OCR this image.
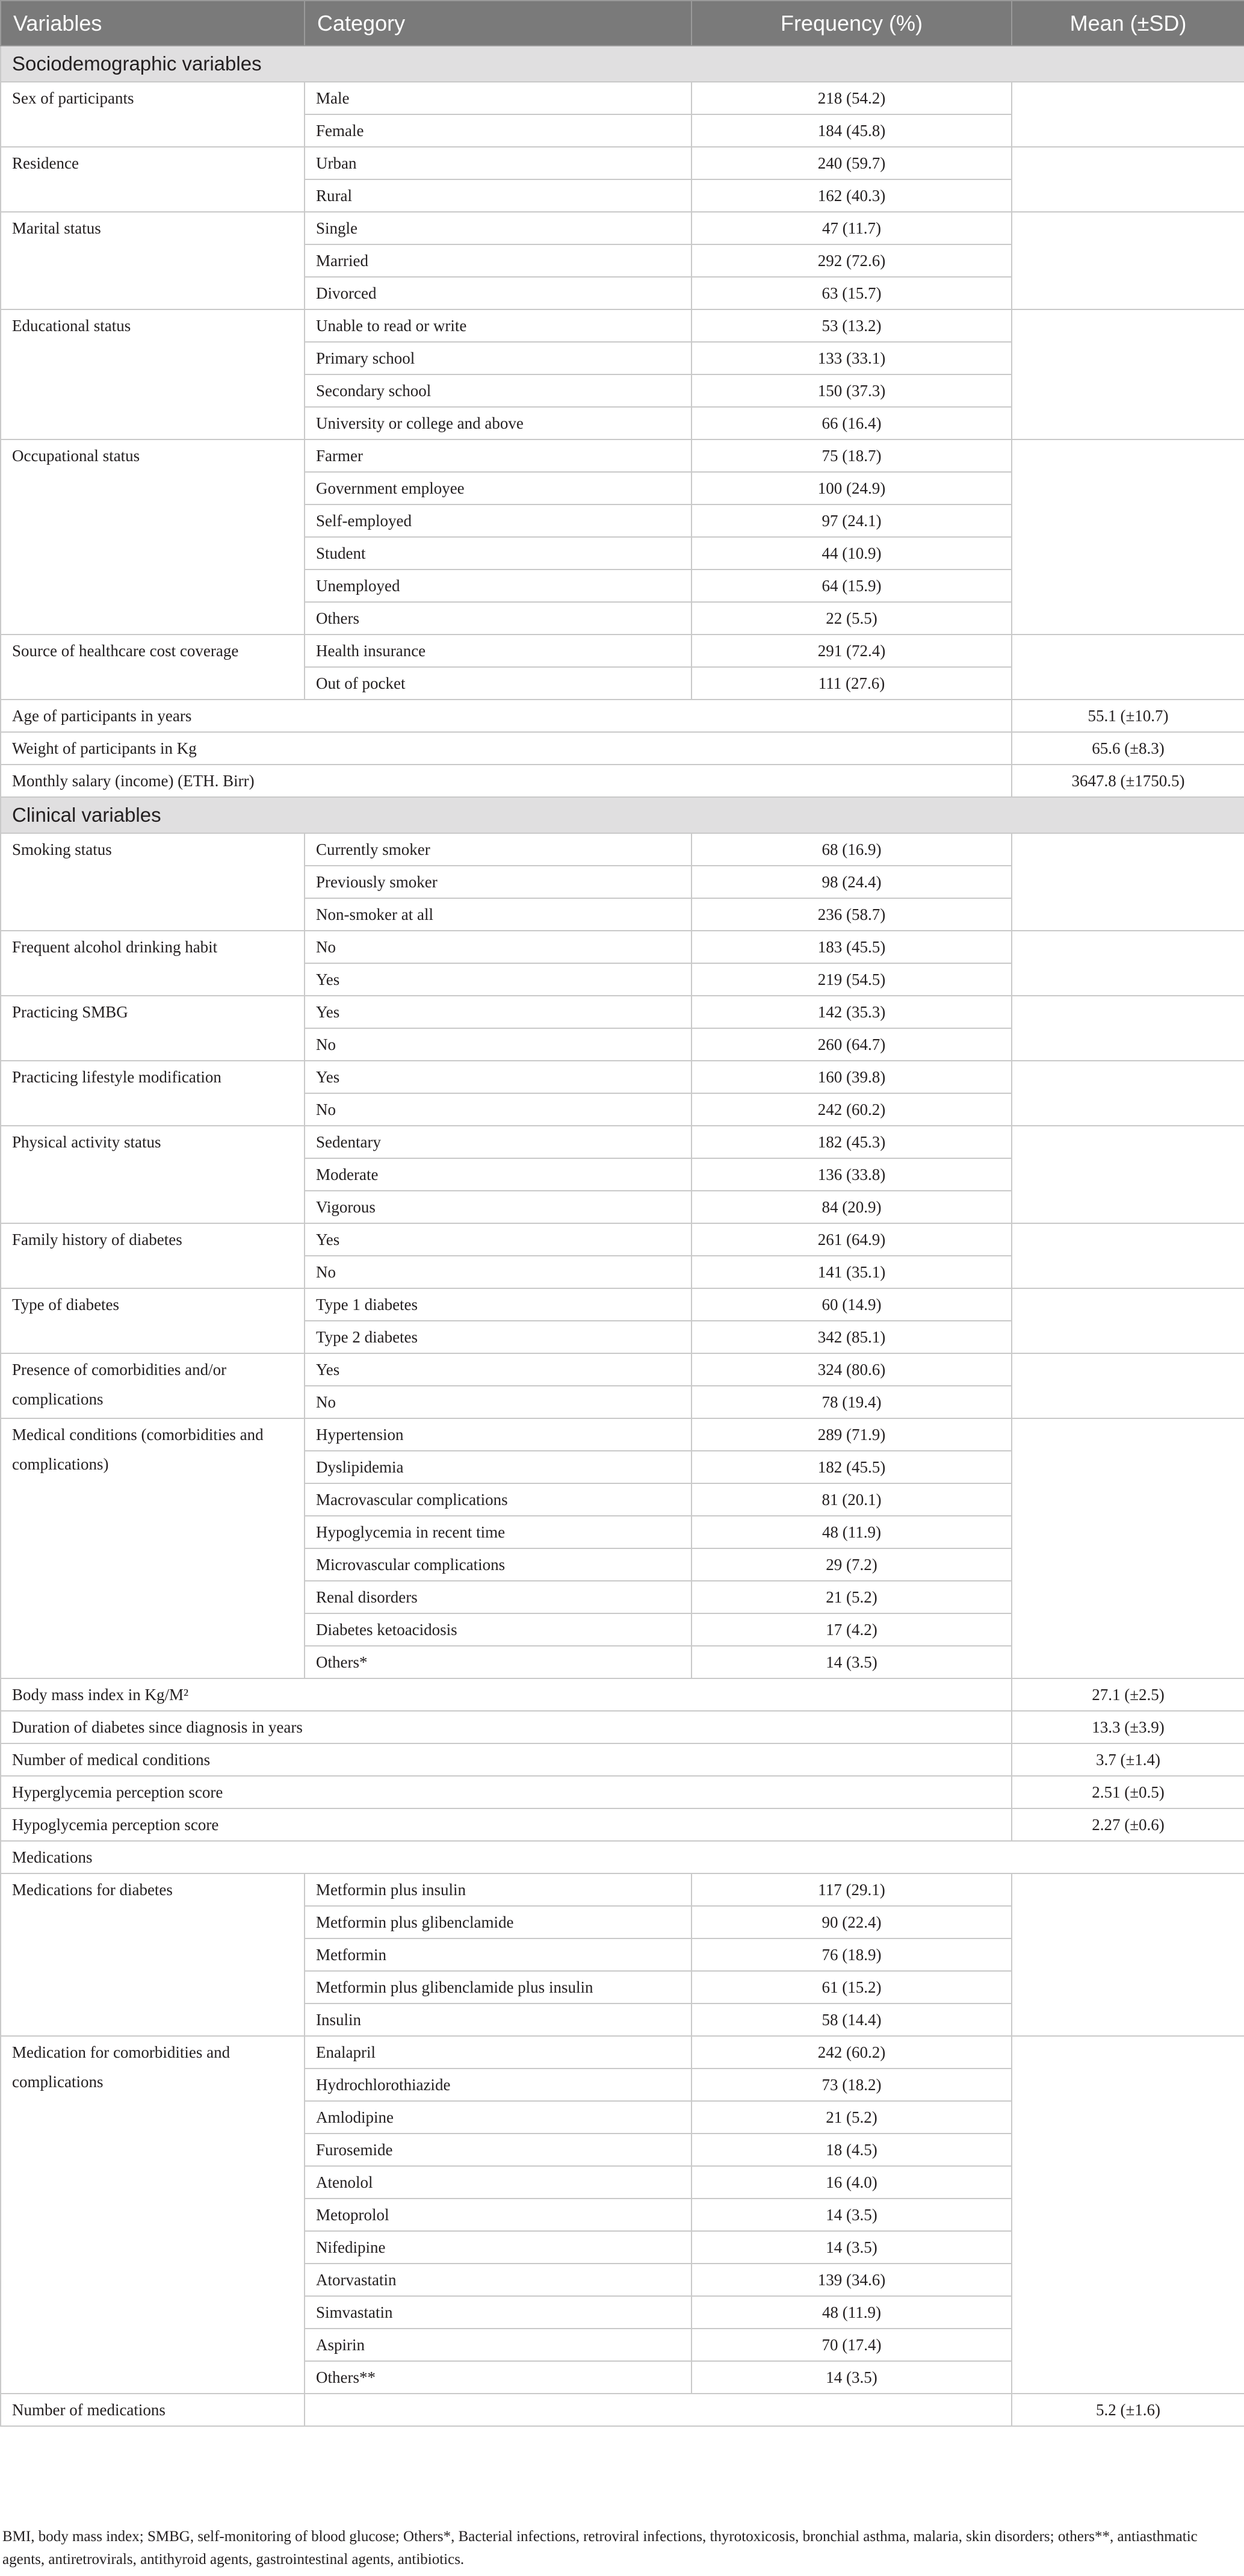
Variables	Category	Frequency (%)	Mean (±SD)
Sociodemographic variables			
Sex of participants	Male	218 (54.2)	
	Female	184 (45.8)	
Residence	Urban	240 (59.7)	
	Rural	162 (40.3)	
Marital status	Single	47 (11.7)	
	Married	292 (72.6)	
	Divorced	63 (15.7)	
Educational status	Unable to read or write	53 (13.2)	
	Primary school	133 (33.1)	
	Secondary school	150 (37.3)	
	University or college and above	66 (16.4)	
Occupational status	Farmer	75 (18.7)	
	Government employee	100 (24.9)	
	Self-employed	97 (24.1)	
	Student	44 (10.9)	
	Unemployed	64 (15.9)	
	Others	22 (5.5)	
Source of healthcare cost coverage	Health insurance	291 (72.4)	
	Out of pocket	111 (27.6)	
Age of participants in years			55.1 (±10.7)
Weight of participants in Kg			65.6 (±8.3)
Monthly salary (income) (ETH. Birr)			3647.8 (±1750.5)
Clinical variables			
Smoking status	Currently smoker	68 (16.9)	
	Previously smoker	98 (24.4)	
	Non-smoker at all	236 (58.7)	
Frequent alcohol drinking habit	No	183 (45.5)	
	Yes	219 (54.5)	
Practicing SMBG	Yes	142 (35.3)	
	No	260 (64.7)	
Practicing lifestyle modification	Yes	160 (39.8)	
	No	242 (60.2)	
Physical activity status	Sedentary	182 (45.3)	
	Moderate	136 (33.8)	
	Vigorous	84 (20.9)	
Family history of diabetes	Yes	261 (64.9)	
	No	141 (35.1)	
Type of diabetes	Type 1 diabetes	60 (14.9)	
	Type 2 diabetes	342 (85.1)	
Presence of comorbidities and/or complications	Yes	324 (80.6)	
	No	78 (19.4)	
Medical conditions (comorbidities and complications)	Hypertension	289 (71.9)	
	Dyslipidemia	182 (45.5)	
	Macrovascular complications	81 (20.1)	
	Hypoglycemia in recent time	48 (11.9)	
	Microvascular complications	29 (7.2)	
	Renal disorders	21 (5.2)	
	Diabetes ketoacidosis	17 (4.2)	
	Others*	14 (3.5)	
Body mass index in Kg/M²			27.1 (±2.5)
Duration of diabetes since diagnosis in years			13.3 (±3.9)
Number of medical conditions			3.7 (±1.4)
Hyperglycemia perception score			2.51 (±0.5)
Hypoglycemia perception score			2.27 (±0.6)
Medications			
Medications for diabetes	Metformin plus insulin	117 (29.1)	
	Metformin plus glibenclamide	90 (22.4)	
	Metformin	76 (18.9)	
	Metformin plus glibenclamide plus insulin	61 (15.2)	
	Insulin	58 (14.4)	
Medication for comorbidities and complications	Enalapril	242 (60.2)	
	Hydrochlorothiazide	73 (18.2)	
	Amlodipine	21 (5.2)	
	Furosemide	18 (4.5)	
	Atenolol	16 (4.0)	
	Metoprolol	14 (3.5)	
	Nifedipine	14 (3.5)	
	Atorvastatin	139 (34.6)	
	Simvastatin	48 (11.9)	
	Aspirin	70 (17.4)	
	Others**	14 (3.5)	
Number of medications			5.2 (±1.6)
BMI, body mass index; SMBG, self-monitoring of blood glucose; Others*, Bacterial infections, retroviral infections, thyrotoxicosis, bronchial asthma, malaria, skin disorders; others**, antiasthmatic agents, antiretrovirals, antithyroid agents, gastrointestinal agents, antibiotics.
